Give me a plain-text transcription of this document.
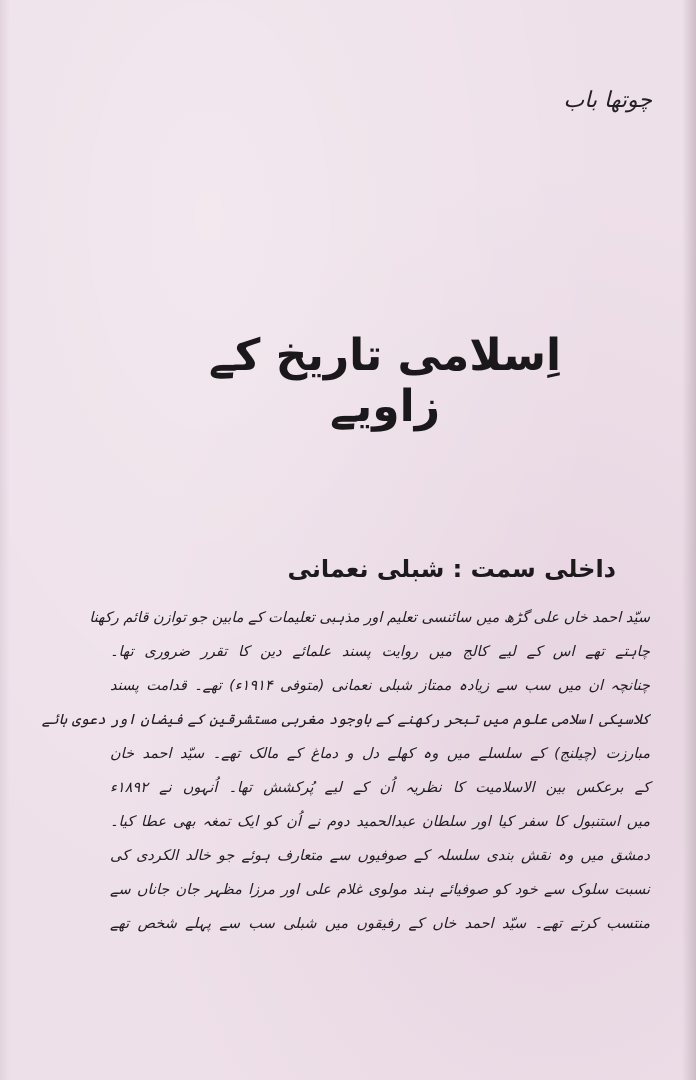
چوتھا باب
اِسلامی تاریخ کے زاویے
داخلی سمت : شبلی نعمانی
سیّد احمد خاں علی گڑھ میں سائنسی تعلیم اور مذہبی تعلیمات کے مابین جو توازن قائم رکھنا
چاہتے تھے اس کے لیے کالج میں روایت پسند علمائے دین کا تقرر ضروری تھا۔
چنانچہ ان میں سب سے زیادہ ممتاز شبلی نعمانی (متوفی ۱۹۱۴ء) تھے۔ قدامت پسند
کلاسیکی اسلامی علوم میں تبحر رکھنے کے باوجود مغربی مستشرقین کے فیضان اور دعوی ہائے
مبارزت (چیلنج) کے سلسلے میں وہ کھلے دل و دماغ کے مالک تھے۔ سیّد احمد خان
کے برعکس بین الاسلامیت کا نظریہ اُن کے لیے پُرکشش تھا۔ اُنہوں نے ۱۸۹۲ء
میں استنبول کا سفر کیا اور سلطان عبدالحمید دوم نے اُن کو ایک تمغہ بھی عطا کیا۔
دمشق میں وہ نقش بندی سلسلہ کے صوفیوں سے متعارف ہوئے جو خالد الکردی کی
نسبت سلوک سے خود کو صوفیائے ہند مولوی غلام علی اور مرزا مظہر جان جاناں سے
منتسب کرتے تھے۔ سیّد احمد خاں کے رفیقوں میں شبلی سب سے پہلے شخص تھے
